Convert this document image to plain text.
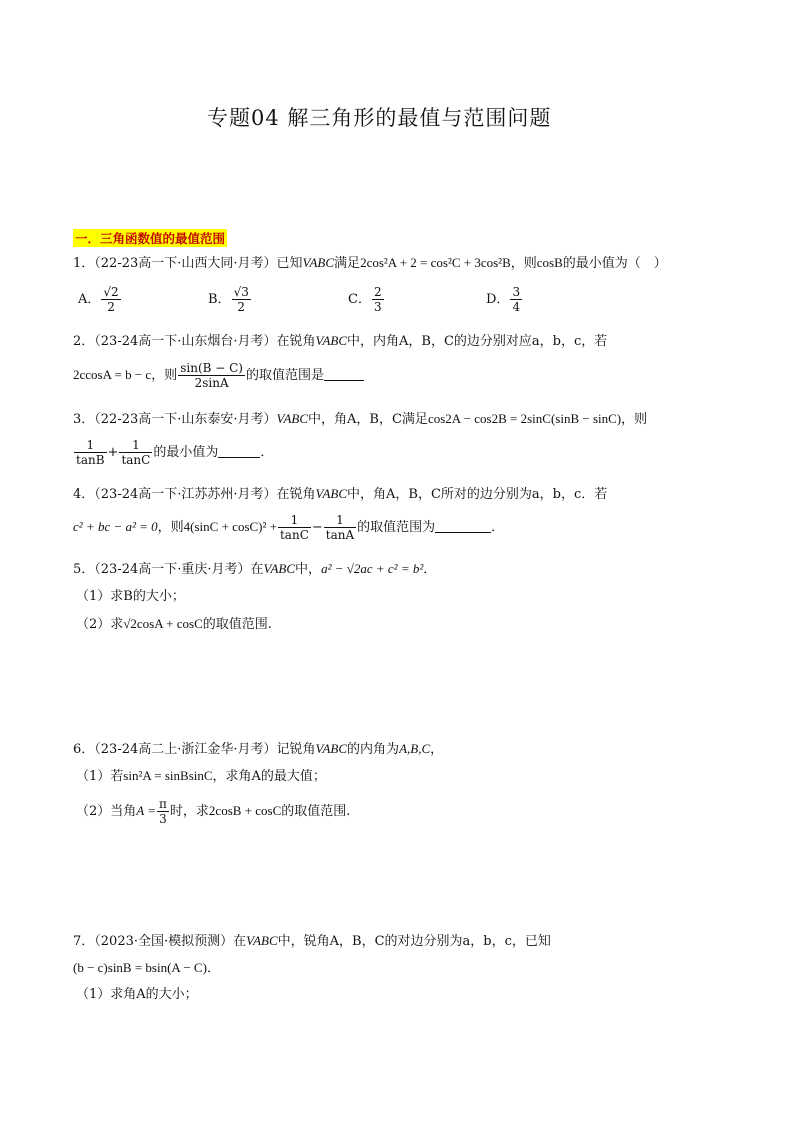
专题04 解三角形的最值与范围问题
一．三角函数值的最值范围
1．（22-23高一下·山西大同·月考）已知VABC满足2cos²A + 2 = cos²C + 3cos²B，则cosB的最小值为（　）
A． $\frac{√2}{2}$	B． $\frac{√3}{2}$	C． $\frac{2}{3}$	D． $\frac{3}{4}$
2．（23-24高一下·山东烟台·月考）在锐角VABC中，内角A，B，C的边分别对应a，b，c，若
2ccosA = b − c，则 $\frac{\sin(B - C)}{2\sin A}$ 的取值范围是
3．（22-23高一下·山东泰安·月考）VABC中，角A，B，C满足cos2A − cos2B = 2sinC(sinB − sinC)，则
$\frac{1}{\tan B} + \frac{1}{\tan C}$ 的最小值为	．
4．（23-24高一下·江苏苏州·月考）在锐角VABC中，角A，B，C所对的边分别为a，b，c．若
c² + bc − a² = 0，则$4(\sin C + \cos C)^2 + \frac{1}{\tan C} - \frac{1}{\tan A}$ 的取值范围为	．
5．（23-24高一下·重庆·月考）在VABC中，a² − √2ac + c² = b²．
（1）求B的大小；
（2）求√2cosA + cosC的取值范围.
6．（23-24高二上·浙江金华·月考）记锐角VABC的内角为A,B,C，
（1）若sin²A = sinBsinC，求角A的最大值；
（2）当角$A = \frac{\pi}{3}$ 时，求2cosB + cosC的取值范围.
7．（2023·全国·模拟预测）在VABC中，锐角A，B，C的对边分别为a，b，c，已知
(b − c)sinB = bsin(A − C)．
（1）求角A的大小；
